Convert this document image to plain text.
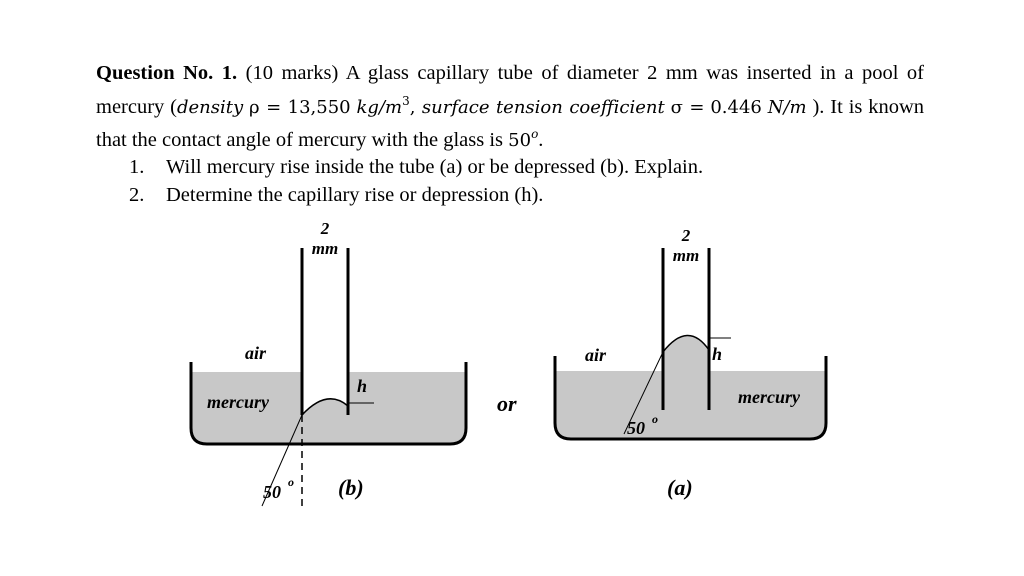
Question No. 1. (10 marks) A glass capillary tube of diameter 2 mm was inserted in a pool of mercury (density ρ = 13,550 $kg/m^3$, surface tension coefficient σ = 0.446 N/m ). It is known that the contact angle of mercury with the glass is 50$^o$.

1. Will mercury rise inside the tube (a) or be depressed (b). Explain.
2. Determine the capillary rise or depression (h).
2
mm
air
mercury
h
50 o (b)
or
2
mm
air
mercury
h
50 o
(a)
